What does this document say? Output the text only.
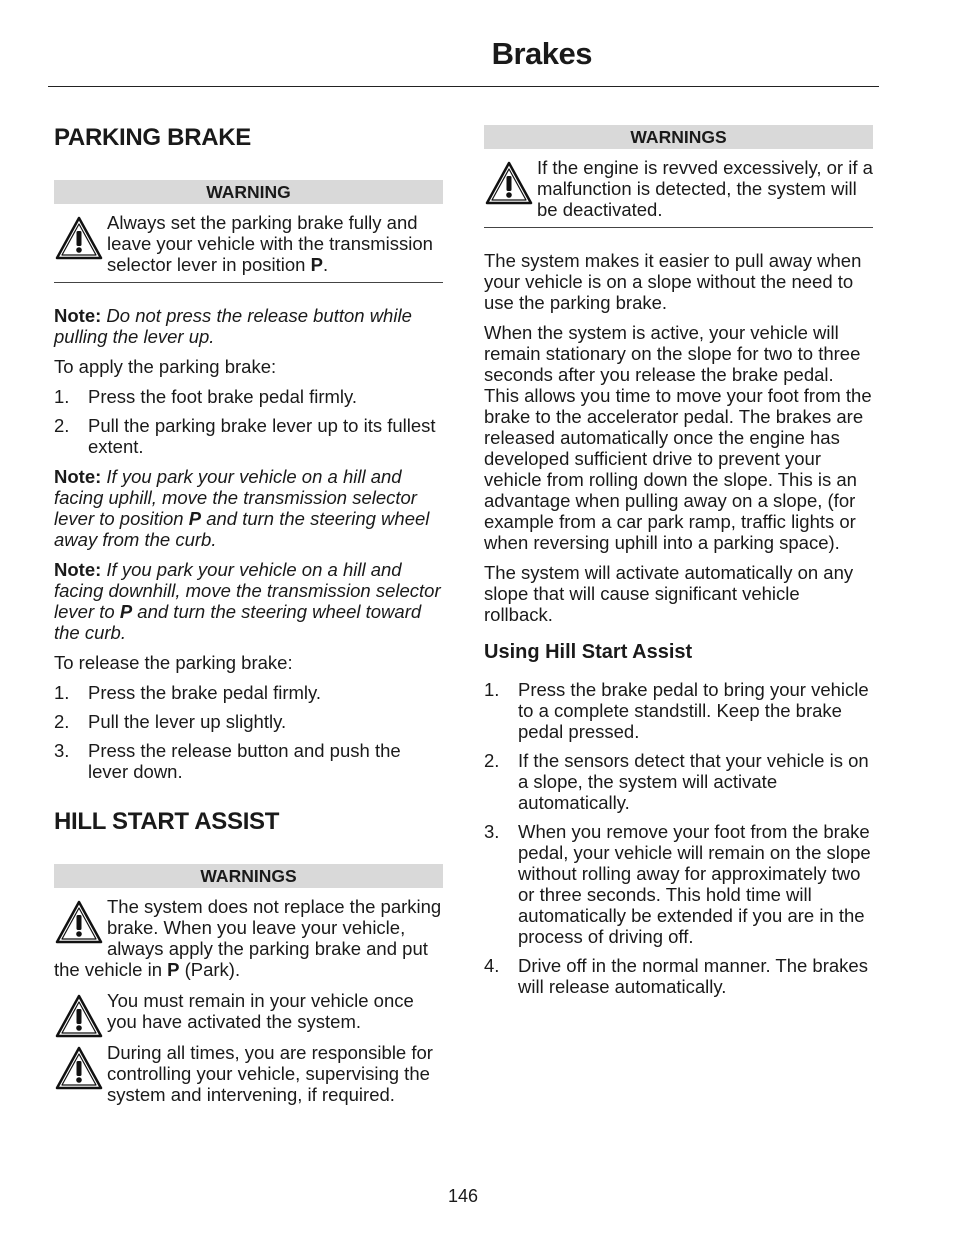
Brakes
PARKING BRAKE
WARNING
Always set the parking brake fully and leave your vehicle with the transmission selector lever in position P.

Note: Do not press the release button while pulling the lever up.

To apply the parking brake:

1. Press the foot brake pedal firmly.
2. Pull the parking brake lever up to its fullest extent.

Note: If you park your vehicle on a hill and facing uphill, move the transmission selector lever to position P and turn the steering wheel away from the curb.

Note: If you park your vehicle on a hill and facing downhill, move the transmission selector lever to P and turn the steering wheel toward the curb.

To release the parking brake:

1. Press the brake pedal firmly.
2. Pull the lever up slightly.
3. Press the release button and push the lever down.
HILL START ASSIST
WARNINGS
The system does not replace the parking brake. When you leave your vehicle, always apply the parking brake and put the vehicle in P (Park).
You must remain in your vehicle once you have activated the system.
During all times, you are responsible for controlling your vehicle, supervising the system and intervening, if required.
WARNINGS
If the engine is revved excessively, or if a malfunction is detected, the system will be deactivated.

The system makes it easier to pull away when your vehicle is on a slope without the need to use the parking brake.

When the system is active, your vehicle will remain stationary on the slope for two to three seconds after you release the brake pedal. This allows you time to move your foot from the brake to the accelerator pedal. The brakes are released automatically once the engine has developed sufficient drive to prevent your vehicle from rolling down the slope. This is an advantage when pulling away on a slope, (for example from a car park ramp, traffic lights or when reversing uphill into a parking space).

The system will activate automatically on any slope that will cause significant vehicle rollback.

Using Hill Start Assist
1. Press the brake pedal to bring your vehicle to a complete standstill. Keep the brake pedal pressed.
2. If the sensors detect that your vehicle is on a slope, the system will activate automatically.
3. When you remove your foot from the brake pedal, your vehicle will remain on the slope without rolling away for approximately two or three seconds. This hold time will automatically be extended if you are in the process of driving off.
4. Drive off in the normal manner. The brakes will release automatically.
146
